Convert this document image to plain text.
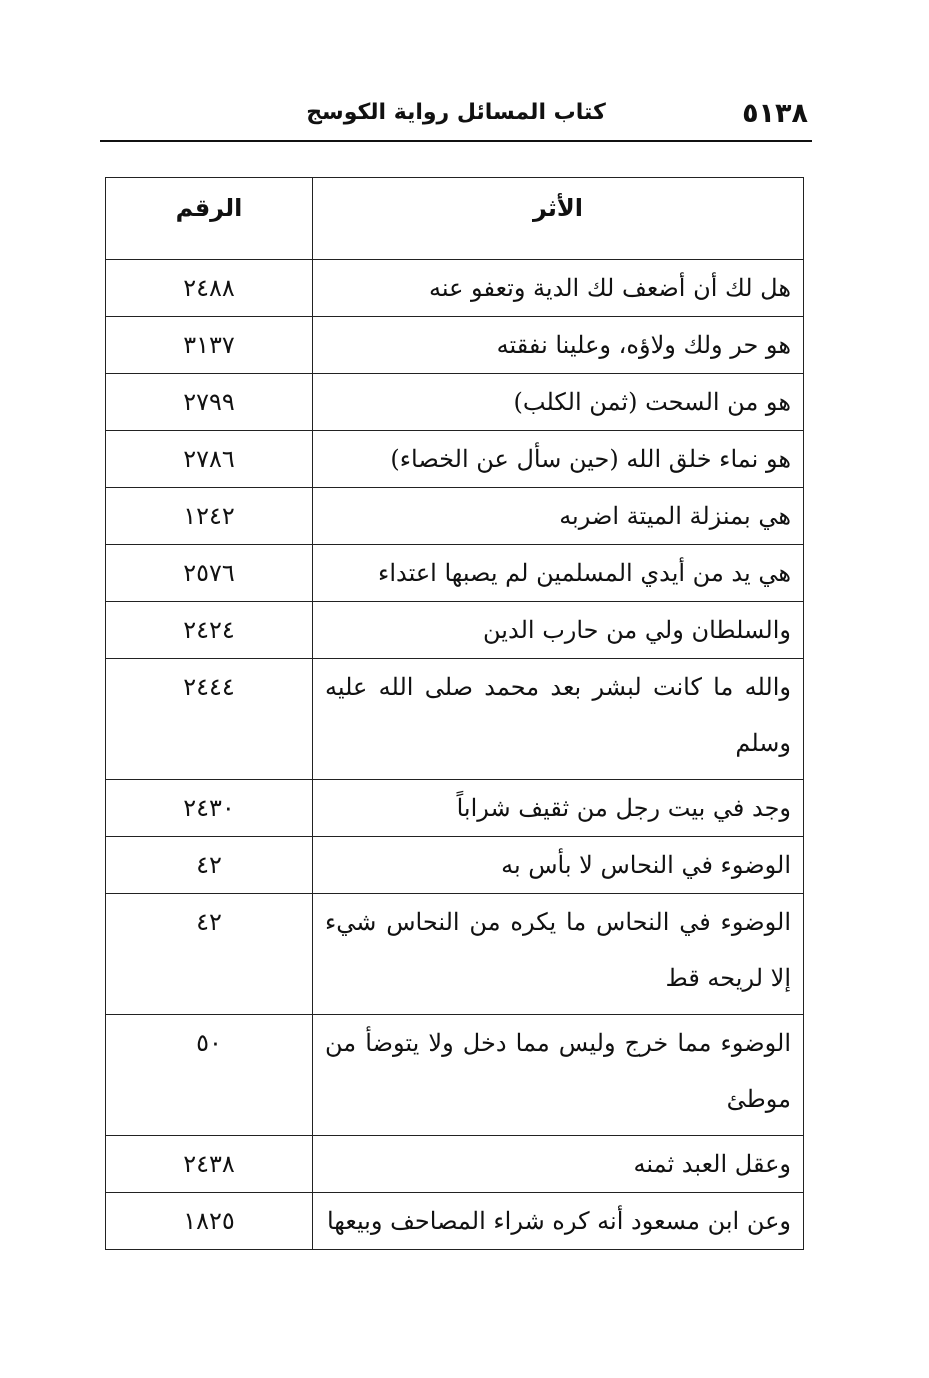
٥١٣٨
كتاب المسائل رواية الكوسج
الأثر	الرقم
هل لك أن أضعف لك الدية وتعفو عنه	٢٤٨٨
هو حر ولك ولاؤه، وعلينا نفقته	٣١٣٧
هو من السحت (ثمن الكلب)	٢٧٩٩
هو نماء خلق الله (حين سأل عن الخصاء)	٢٧٨٦
هي بمنزلة الميتة اضربه	١٢٤٢
هي يد من أيدي المسلمين لم يصبها اعتداء	٢٥٧٦
والسلطان ولي من حارب الدين	٢٤٢٤
والله ما كانت لبشر بعد محمد صلى الله عليه وسلم	٢٤٤٤
وجد في بيت رجل من ثقيف شراباً	٢٤٣٠
الوضوء في النحاس لا بأس به	٤٢
الوضوء في النحاس ما يكره من النحاس شيء إلا لريحه قط	٤٢
الوضوء مما خرج وليس مما دخل ولا يتوضأ من موطئ	٥٠
وعقل العبد ثمنه	٢٤٣٨
وعن ابن مسعود أنه كره شراء المصاحف وبيعها	١٨٢٥
